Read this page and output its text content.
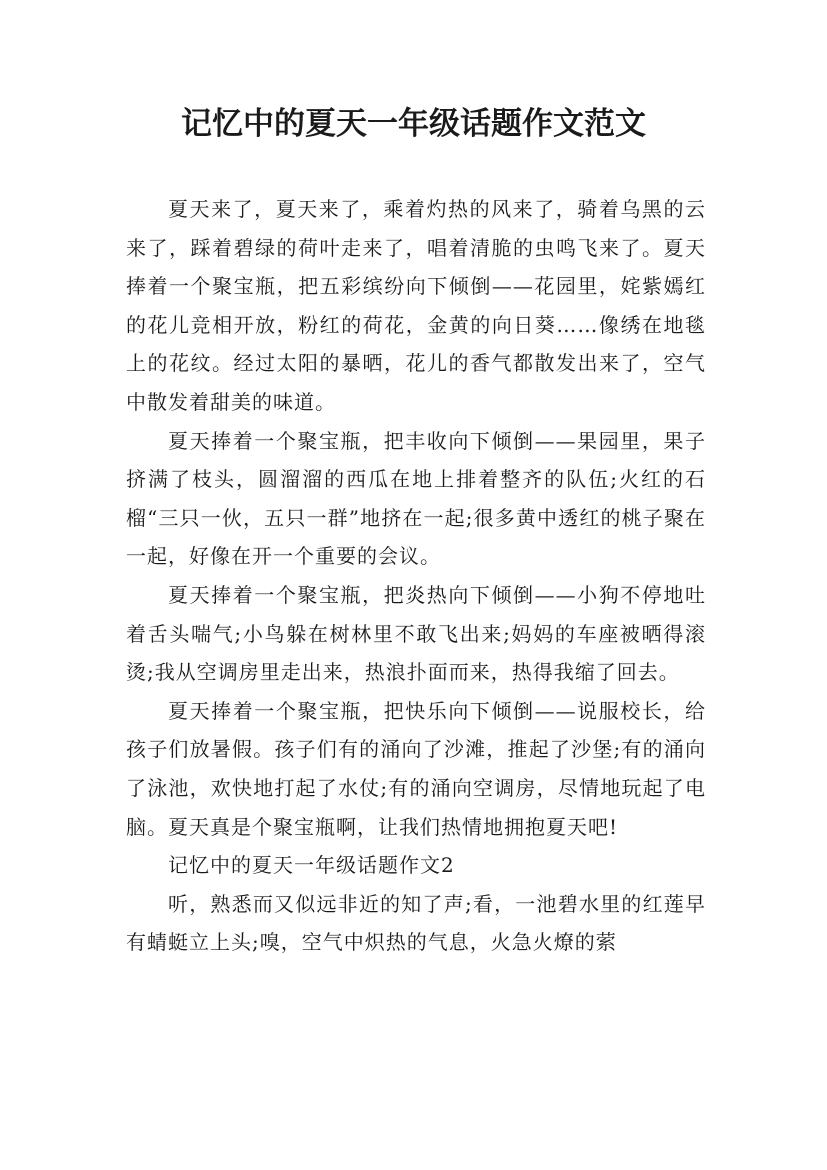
记忆中的夏天一年级话题作文范文

夏天来了，夏天来了，乘着灼热的风来了，骑着乌黑的云来了，踩着碧绿的荷叶走来了，唱着清脆的虫鸣飞来了。夏天捧着一个聚宝瓶，把五彩缤纷向下倾倒——花园里，姹紫嫣红的花儿竞相开放，粉红的荷花，金黄的向日葵……像绣在地毯上的花纹。经过太阳的暴晒，花儿的香气都散发出来了，空气中散发着甜美的味道。

夏天捧着一个聚宝瓶，把丰收向下倾倒——果园里，果子挤满了枝头，圆溜溜的西瓜在地上排着整齐的队伍;火红的石榴“三只一伙，五只一群”地挤在一起;很多黄中透红的桃子聚在一起，好像在开一个重要的会议。

夏天捧着一个聚宝瓶，把炎热向下倾倒——小狗不停地吐着舌头喘气;小鸟躲在树林里不敢飞出来;妈妈的车座被晒得滚烫;我从空调房里走出来，热浪扑面而来，热得我缩了回去。

夏天捧着一个聚宝瓶，把快乐向下倾倒——说服校长，给孩子们放暑假。孩子们有的涌向了沙滩，推起了沙堡;有的涌向了泳池，欢快地打起了水仗;有的涌向空调房，尽情地玩起了电脑。夏天真是个聚宝瓶啊，让我们热情地拥抱夏天吧!

记忆中的夏天一年级话题作文2

听，熟悉而又似远非近的知了声;看，一池碧水里的红莲早有蜻蜓立上头;嗅，空气中炽热的气息，火急火燎的萦
